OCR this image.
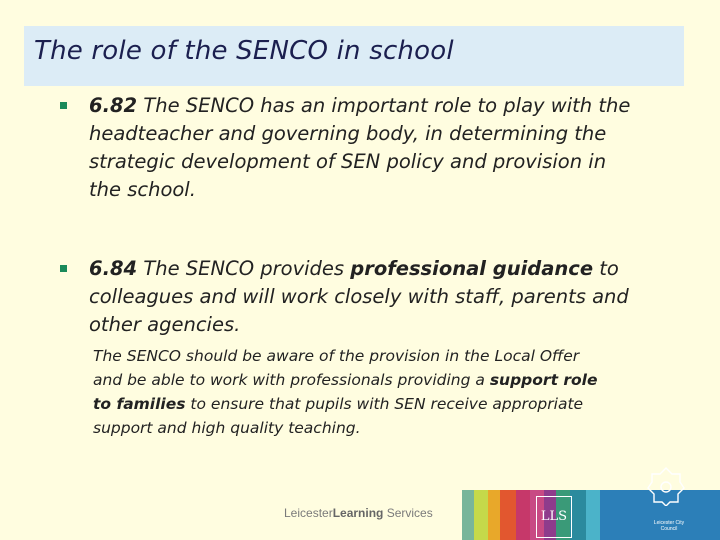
The role of the SENCO in school
6.82 The SENCO has an important role to play with the
headteacher and governing body, in determining the
strategic development of SEN policy and provision in
the school.
6.84 The SENCO provides professional guidance to
colleagues and will work closely with staff, parents and
other agencies.
The SENCO should be aware of the provision in the Local Offer
and be able to work with professionals providing a support role
to families to ensure that pupils with SEN receive appropriate
support and high quality teaching.
LeicesterLearning Services	LLS	Leicester City Council
